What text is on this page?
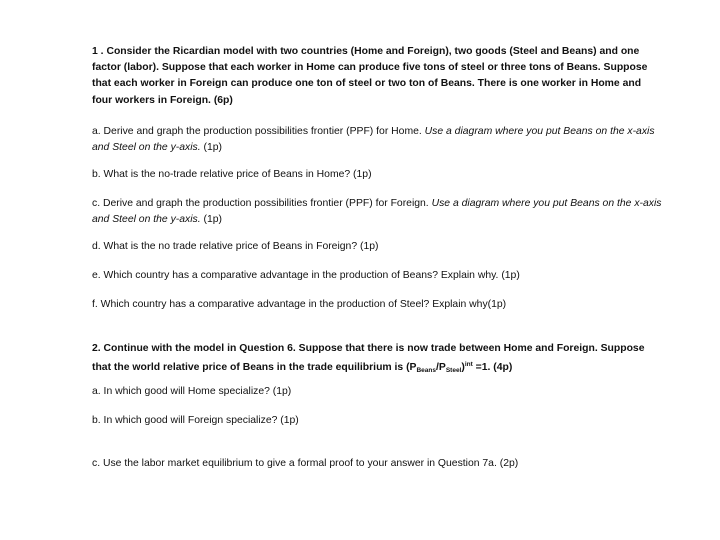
1 . Consider the Ricardian model with two countries (Home and Foreign), two goods (Steel and Beans) and one factor (labor). Suppose that each worker in Home can produce five tons of steel or three tons of Beans. Suppose that each worker in Foreign can produce one ton of steel or two ton of Beans. There is one worker in Home and four workers in Foreign. (6p)

a. Derive and graph the production possibilities frontier (PPF) for Home. Use a diagram where you put Beans on the x-axis and Steel on the y-axis. (1p)

b. What is the no-trade relative price of Beans in Home? (1p)

c. Derive and graph the production possibilities frontier (PPF) for Foreign. Use a diagram where you put Beans on the x-axis and Steel on the y-axis. (1p)

d. What is the no trade relative price of Beans in Foreign? (1p)

e. Which country has a comparative advantage in the production of Beans? Explain why. (1p)

f. Which country has a comparative advantage in the production of Steel? Explain why(1p)

2. Continue with the model in Question 6. Suppose that there is now trade between Home and Foreign. Suppose that the world relative price of Beans in the trade equilibrium is $(P_{Beans}/P_{Steel})^{int} =1$. (4p)

a. In which good will Home specialize? (1p)

b. In which good will Foreign specialize? (1p)

c. Use the labor market equilibrium to give a formal proof to your answer in Question 7a. (2p)
